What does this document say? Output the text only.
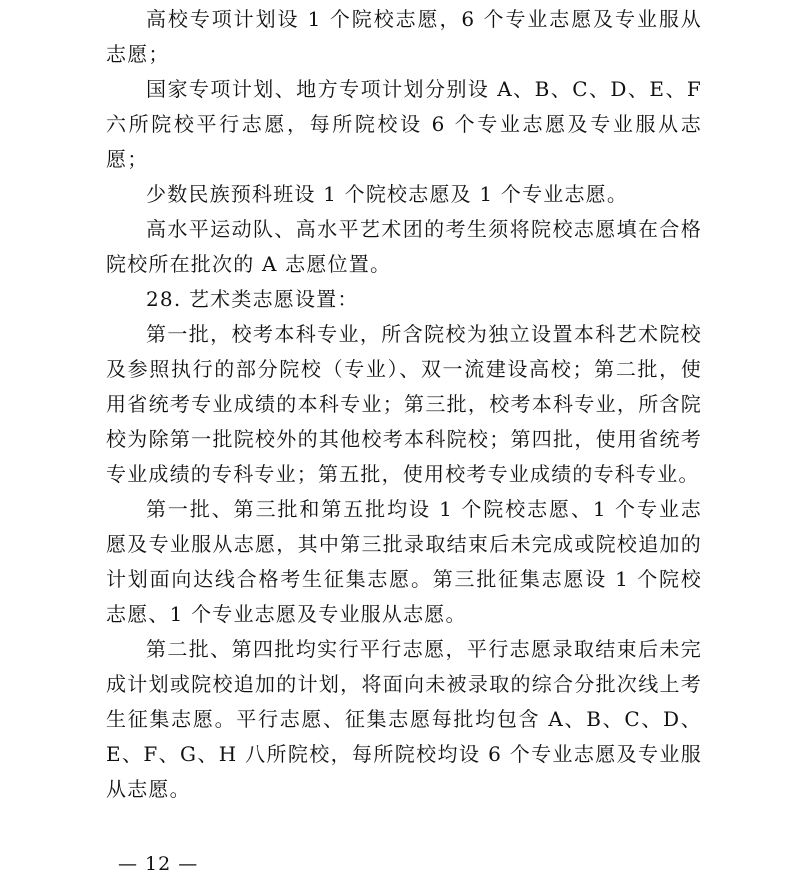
高校专项计划设 1 个院校志愿，6 个专业志愿及专业服从志愿；

国家专项计划、地方专项计划分别设 A、B、C、D、E、F 六所院校平行志愿，每所院校设 6 个专业志愿及专业服从志愿；

少数民族预科班设 1 个院校志愿及 1 个专业志愿。

高水平运动队、高水平艺术团的考生须将院校志愿填在合格院校所在批次的 A 志愿位置。

28. 艺术类志愿设置：

第一批，校考本科专业，所含院校为独立设置本科艺术院校及参照执行的部分院校（专业）、双一流建设高校；第二批，使用省统考专业成绩的本科专业；第三批，校考本科专业，所含院校为除第一批院校外的其他校考本科院校；第四批，使用省统考专业成绩的专科专业；第五批，使用校考专业成绩的专科专业。

第一批、第三批和第五批均设 1 个院校志愿、1 个专业志愿及专业服从志愿，其中第三批录取结束后未完成或院校追加的计划面向达线合格考生征集志愿。第三批征集志愿设 1 个院校志愿、1 个专业志愿及专业服从志愿。

第二批、第四批均实行平行志愿，平行志愿录取结束后未完成计划或院校追加的计划，将面向未被录取的综合分批次线上考生征集志愿。平行志愿、征集志愿每批均包含 A、B、C、D、E、F、G、H 八所院校，每所院校均设 6 个专业志愿及专业服从志愿。

— 12 —
